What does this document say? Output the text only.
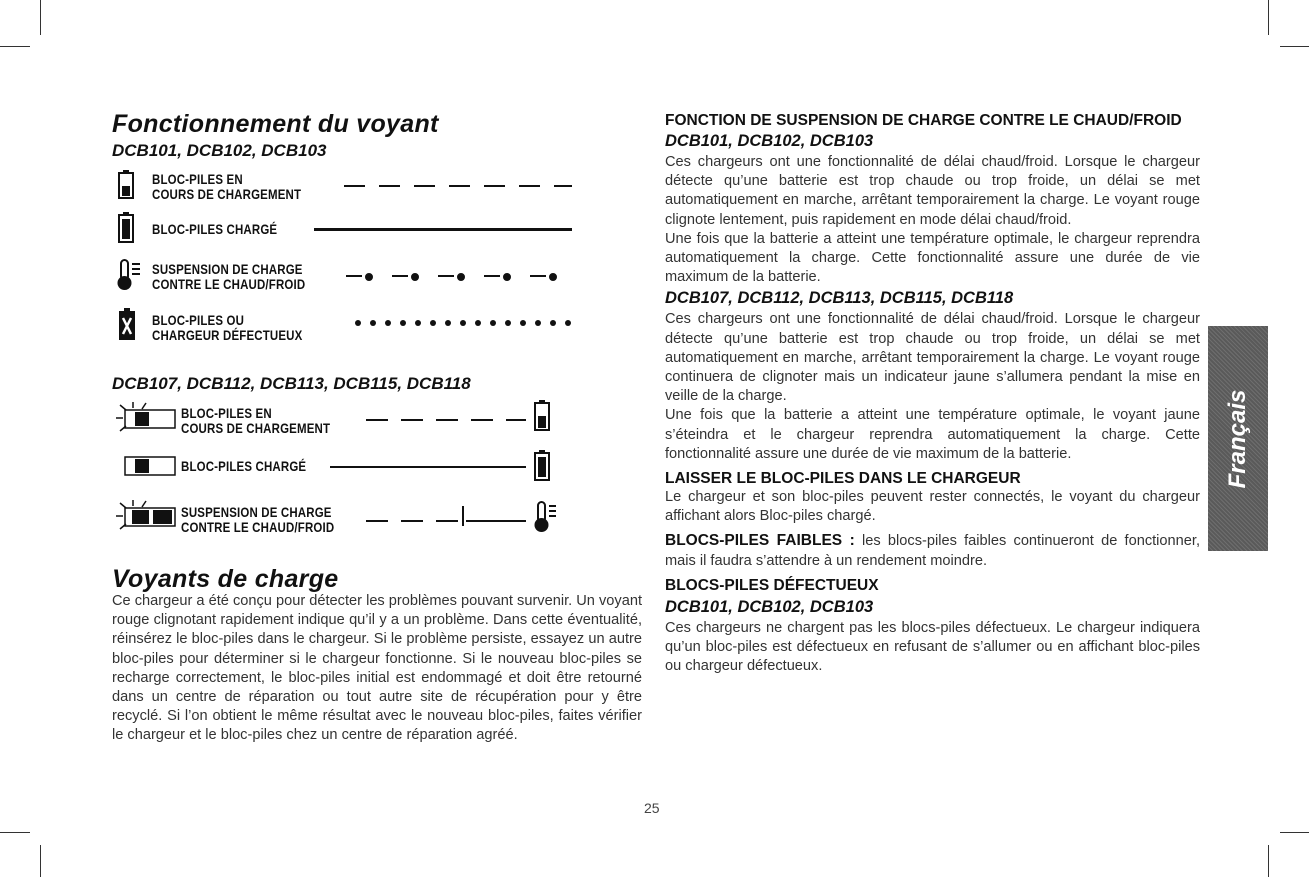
Fonctionnement du voyant
DCB101, DCB102, DCB103
BLOC-PILES EN
COURS DE CHARGEMENT
BLOC-PILES CHARGÉ
SUSPENSION DE CHARGE
CONTRE LE CHAUD/FROID
BLOC-PILES OU
CHARGEUR DÉFECTUEUX
DCB107, DCB112, DCB113, DCB115, DCB118
BLOC-PILES EN
COURS DE CHARGEMENT
BLOC-PILES CHARGÉ
SUSPENSION DE CHARGE
CONTRE LE CHAUD/FROID
Voyants de charge

Ce chargeur a été conçu pour détecter les problèmes pouvant survenir. Un voyant rouge clignotant rapidement indique qu’il y a un problème. Dans cette éventualité, réinsérez le bloc-piles dans le chargeur. Si le problème persiste, essayez un autre bloc-piles pour déterminer si le chargeur fonctionne. Si le nouveau bloc-piles se recharge correctement, le bloc-piles initial est endommagé et doit être retourné dans un centre de réparation ou tout autre site de récupération pour y être recyclé. Si l’on obtient le même résultat avec le nouveau bloc-piles, faites vérifier le chargeur et le bloc-piles chez un centre de réparation agréé.

FONCTION DE SUSPENSION DE CHARGE CONTRE LE CHAUD/FROID
DCB101, DCB102, DCB103

Ces chargeurs ont une fonctionnalité de délai chaud/froid. Lorsque le chargeur détecte qu’une batterie est trop chaude ou trop froide, un délai se met automatiquement en marche, arrêtant temporairement la charge. Le voyant rouge clignote lentement, puis rapidement en mode délai chaud/froid.

Une fois que la batterie a atteint une température optimale, le chargeur reprendra automatiquement la charge. Cette fonctionnalité assure une durée de vie maximum de la batterie.

DCB107, DCB112, DCB113, DCB115, DCB118

Ces chargeurs ont une fonctionnalité de délai chaud/froid. Lorsque le chargeur détecte qu’une batterie est trop chaude ou trop froide, un délai se met automatiquement en marche, arrêtant temporairement la charge. Le voyant rouge continuera de clignoter mais un indicateur jaune s’allumera pendant la mise en veille de la charge.

Une fois que la batterie a atteint une température optimale, le voyant jaune s’éteindra et le chargeur reprendra automatiquement la charge. Cette fonctionnalité assure une durée de vie maximum de la batterie.

LAISSER LE BLOC-PILES DANS LE CHARGEUR

Le chargeur et son bloc-piles peuvent rester connectés, le voyant du chargeur affichant alors Bloc-piles chargé.

BLOCS-PILES FAIBLES : les blocs-piles faibles continueront de fonctionner, mais il faudra s’attendre à un rendement moindre.

BLOCS-PILES DÉFECTUEUX
DCB101, DCB102, DCB103

Ces chargeurs ne chargent pas les blocs-piles défectueux. Le chargeur indiquera qu’un bloc-piles est défectueux en refusant de s’allumer ou en affichant bloc-piles ou chargeur défectueux.

Français
25
